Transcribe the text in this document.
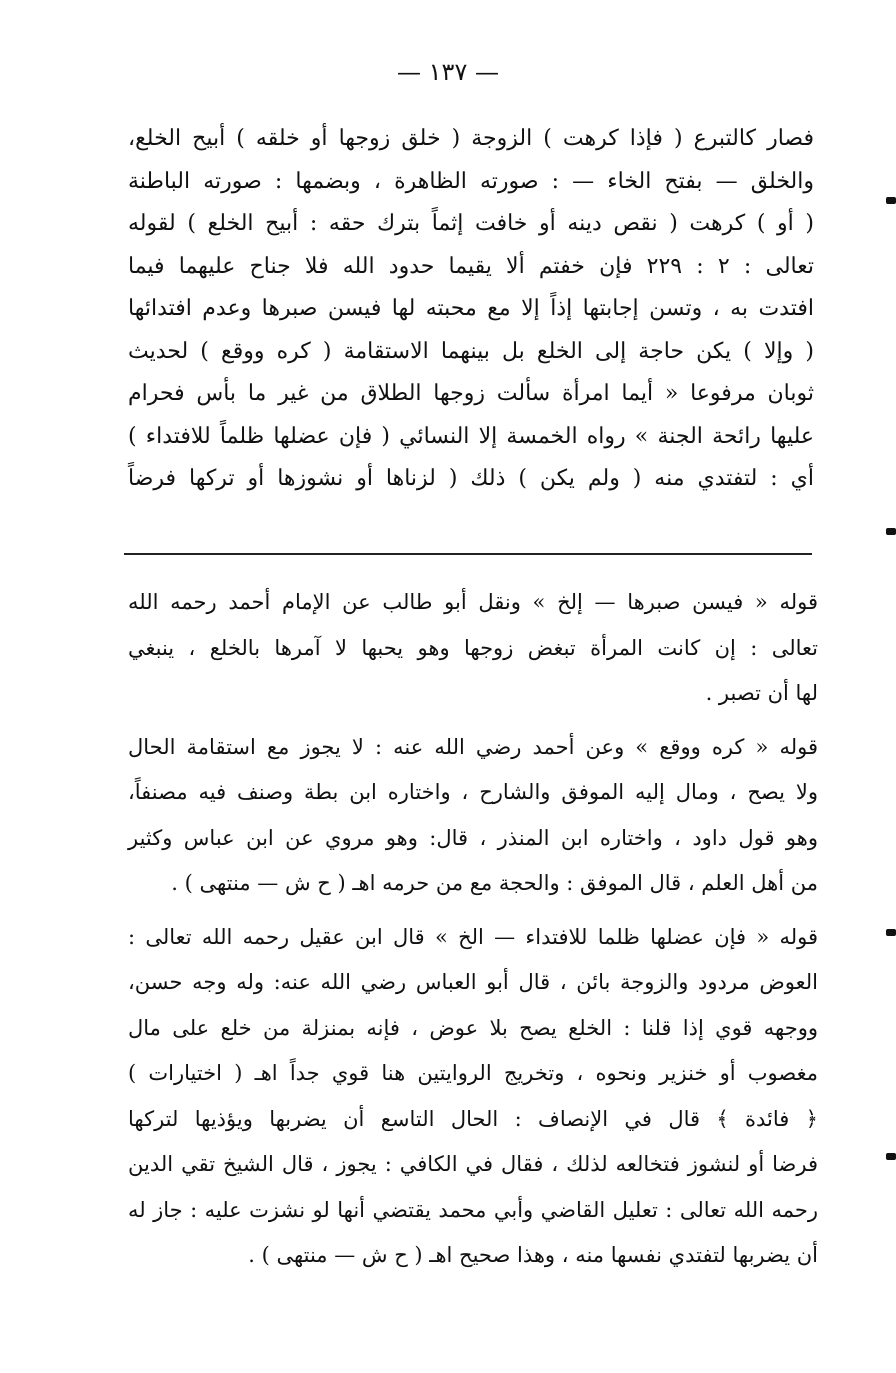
— ١٣٧ —
فصار كالتبرع ( فإذا كرهت ) الزوجة ( خلق زوجها أو خلقه ) أبيح الخلع،
والخلق — بفتح الخاء — : صورته الظاهرة ، وبضمها : صورته الباطنة
( أو ) كرهت ( نقص دينه أو خافت إثماً بترك حقه : أبيح الخلع ) لقوله
تعالى : ٢ : ٢٢٩ فإن خفتم ألا يقيما حدود الله فلا جناح عليهما فيما
افتدت به ، وتسن إجابتها إذاً إلا مع محبته لها فيسن صبرها وعدم افتدائها
( وإلا ) يكن حاجة إلى الخلع بل بينهما الاستقامة ( كره ووقع ) لحديث
ثوبان مرفوعا « أيما امرأة سألت زوجها الطلاق من غير ما بأس فحرام
عليها رائحة الجنة » رواه الخمسة إلا النسائي ( فإن عضلها ظلماً للافتداء )
أي : لتفتدي منه ( ولم يكن ) ذلك ( لزناها أو نشوزها أو تركها فرضاً
قوله « فيسن صبرها — إلخ » ونقل أبو طالب عن الإمام أحمد رحمه الله
تعالى : إن كانت المرأة تبغض زوجها وهو يحبها لا آمرها بالخلع ، ينبغي
لها أن تصبر .
قوله « كره ووقع » وعن أحمد رضي الله عنه : لا يجوز مع استقامة الحال
ولا يصح ، ومال إليه الموفق والشارح ، واختاره ابن بطة وصنف فيه مصنفاً،
وهو قول داود ، واختاره ابن المنذر ، قال: وهو مروي عن ابن عباس وكثير
من أهل العلم ، قال الموفق : والحجة مع من حرمه اهـ ( ح ش — منتهى ) .
قوله « فإن عضلها ظلما للافتداء — الخ » قال ابن عقيل رحمه الله تعالى :
العوض مردود والزوجة بائن ، قال أبو العباس رضي الله عنه: وله وجه حسن،
ووجهه قوي إذا قلنا : الخلع يصح بلا عوض ، فإنه بمنزلة من خلع على مال
مغصوب أو خنزير ونحوه ، وتخريج الروايتين هنا قوي جداً اهـ ( اختيارات )
﴿ فائدة ﴾ قال في الإنصاف : الحال التاسع أن يضربها ويؤذيها لتركها
فرضا أو لنشوز فتخالعه لذلك ، فقال في الكافي : يجوز ، قال الشيخ تقي الدين
رحمه الله تعالى : تعليل القاضي وأبي محمد يقتضي أنها لو نشزت عليه : جاز له
أن يضربها لتفتدي نفسها منه ، وهذا صحيح اهـ ( ح ش — منتهى ) .
